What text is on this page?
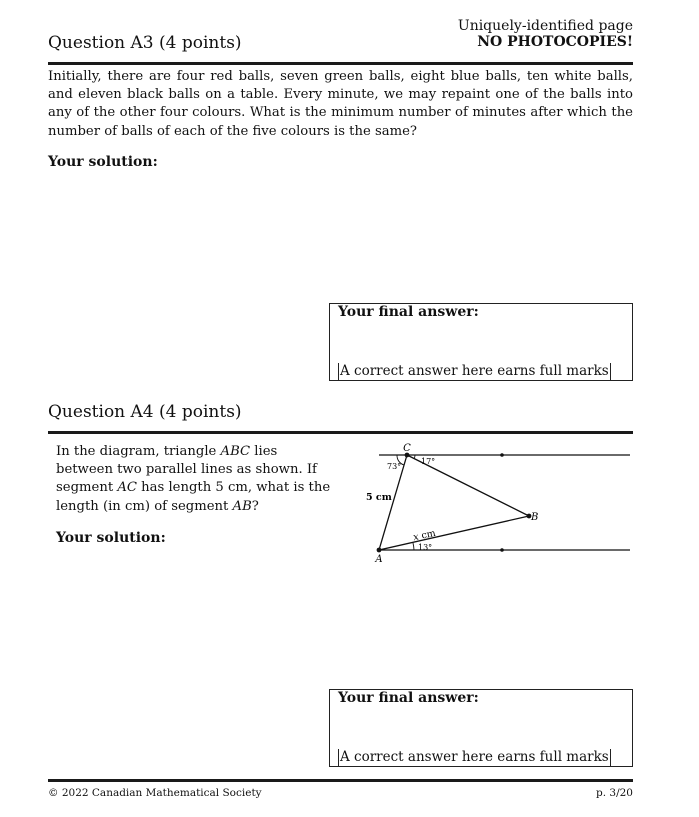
Uniquely-identified page
NO PHOTOCOPIES!
Question A3 (4 points)
Initially, there are four red balls, seven green balls, eight blue balls, ten white balls, and eleven black balls on a table. Every minute, we may repaint one of the balls into any of the other four colours. What is the minimum number of minutes after which the number of balls of each of the five colours is the same?
Your solution:
Your final answer:
A correct answer here earns full marks
Question A4 (4 points)
In the diagram, triangle ABC lies between two parallel lines as shown. If segment AC has length 5 cm, what is the length (in cm) of segment AB?
Your solution:
C
A
B
73°
17°
13°
5 cm
x cm
Your final answer:
A correct answer here earns full marks
© 2022 Canadian Mathematical Society	p. 3/20
